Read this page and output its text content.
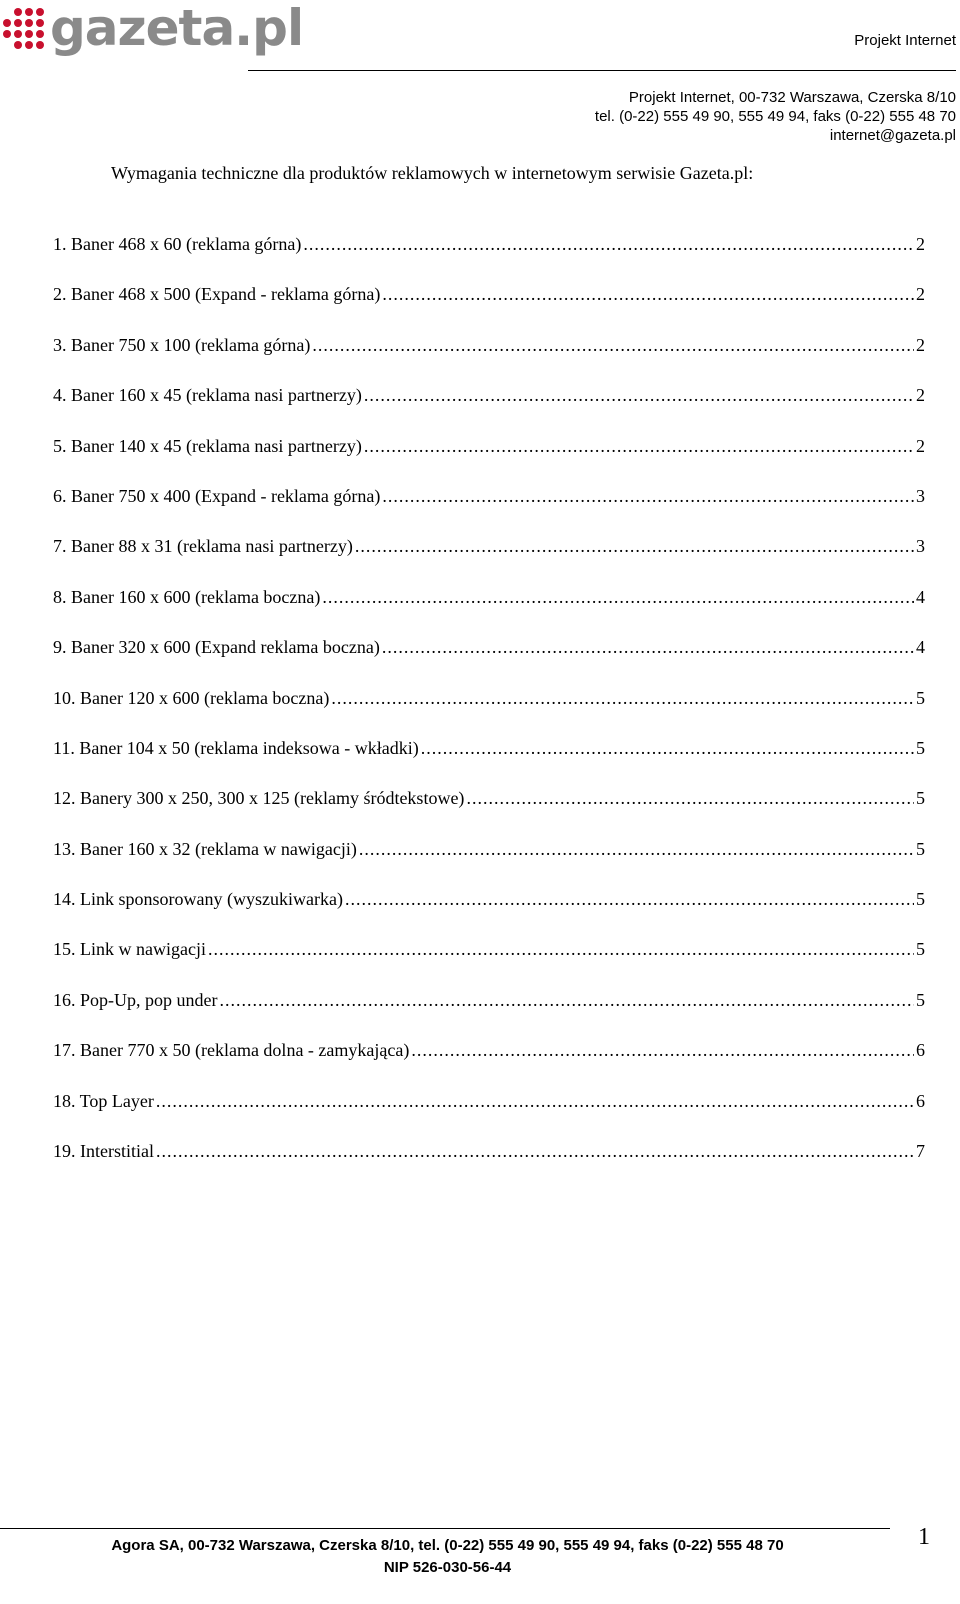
gazeta.pl	Projekt Internet
Projekt Internet, 00-732 Warszawa, Czerska 8/10
tel. (0-22) 555 49 90, 555 49 94, faks (0-22) 555 48 70
internet@gazeta.pl
Wymagania techniczne dla produktów reklamowych w internetowym serwisie Gazeta.pl:
1. Baner 468 x 60 (reklama górna) .....	2
2. Baner 468 x 500 (Expand - reklama górna) .....	2
3. Baner 750 x 100 (reklama górna) .....	2
4. Baner 160 x 45 (reklama nasi partnerzy) .....	2
5. Baner 140 x 45 (reklama nasi partnerzy) .....	2
6. Baner 750 x 400 (Expand - reklama górna) .....	3
7. Baner 88 x 31 (reklama nasi partnerzy) .....	3
8. Baner 160 x 600 (reklama boczna) .....	4
9. Baner 320 x 600 (Expand reklama boczna) .....	4
10. Baner 120 x 600 (reklama boczna) .....	5
11. Baner 104 x 50 (reklama indeksowa - wkładki) .....	5
12. Banery 300 x 250, 300 x 125 (reklamy śródtekstowe) .....	5
13. Baner 160 x 32 (reklama w nawigacji) .....	5
14. Link sponsorowany (wyszukiwarka) .....	5
15. Link w nawigacji .....	5
16. Pop-Up, pop under .....	5
17. Baner 770 x 50 (reklama dolna - zamykająca) .....	6
18. Top Layer .....	6
19. Interstitial .....	7
Agora SA, 00-732 Warszawa, Czerska 8/10, tel. (0-22) 555 49 90, 555 49 94, faks (0-22) 555 48 70
NIP 526-030-56-44
1
